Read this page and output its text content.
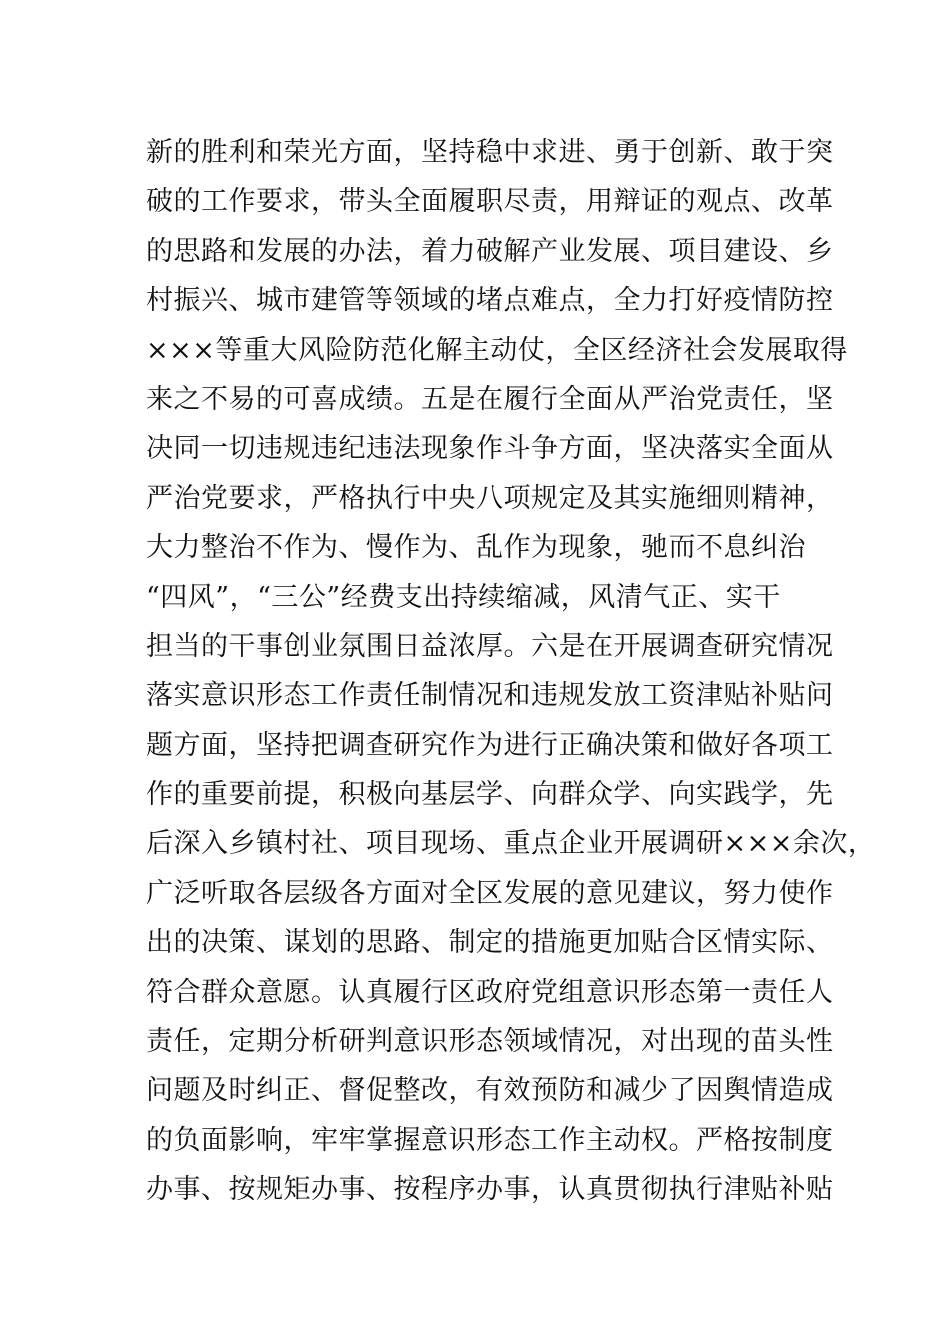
新的胜利和荣光方面，坚持稳中求进、勇于创新、敢于突
破的工作要求，带头全面履职尽责，用辩证的观点、改革
的思路和发展的办法，着力破解产业发展、项目建设、乡
村振兴、城市建管等领域的堵点难点，全力打好疫情防控
×××等重大风险防范化解主动仗，全区经济社会发展取得
来之不易的可喜成绩。五是在履行全面从严治党责任，坚
决同一切违规违纪违法现象作斗争方面，坚决落实全面从
严治党要求，严格执行中央八项规定及其实施细则精神，
大力整治不作为、慢作为、乱作为现象，驰而不息纠治
“四风”，“三公”经费支出持续缩减，风清气正、实干
担当的干事创业氛围日益浓厚。六是在开展调查研究情况
落实意识形态工作责任制情况和违规发放工资津贴补贴问
题方面，坚持把调查研究作为进行正确决策和做好各项工
作的重要前提，积极向基层学、向群众学、向实践学，先
后深入乡镇村社、项目现场、重点企业开展调研×××余次，
广泛听取各层级各方面对全区发展的意见建议，努力使作
出的决策、谋划的思路、制定的措施更加贴合区情实际、
符合群众意愿。认真履行区政府党组意识形态第一责任人
责任，定期分析研判意识形态领域情况，对出现的苗头性
问题及时纠正、督促整改，有效预防和减少了因舆情造成
的负面影响，牢牢掌握意识形态工作主动权。严格按制度
办事、按规矩办事、按程序办事，认真贯彻执行津贴补贴
